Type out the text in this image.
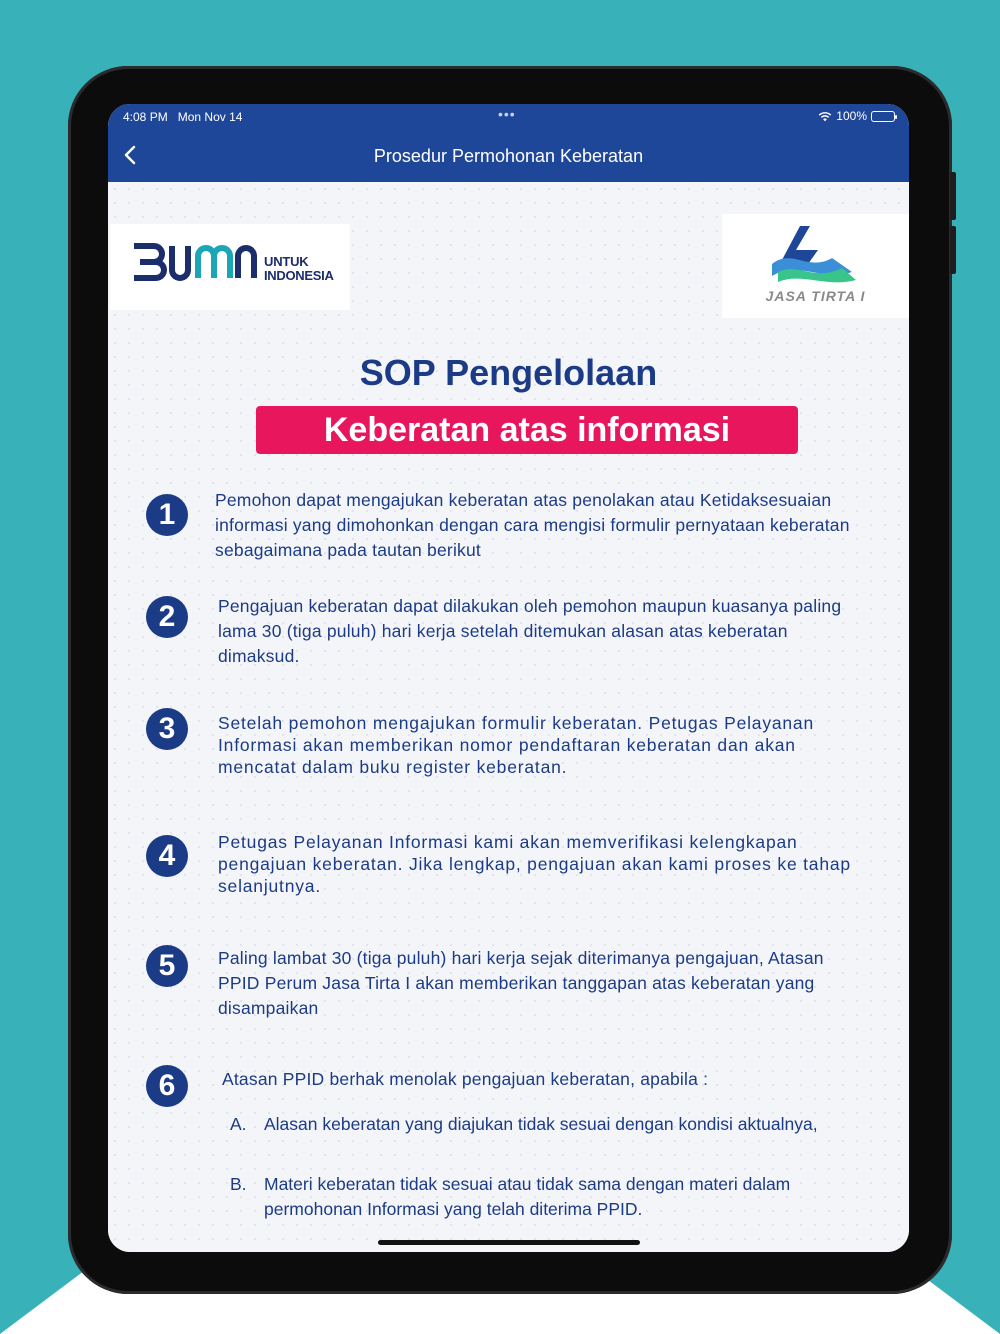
4:08 PM Mon Nov 14	•••	100%
Prosedur Permohonan Keberatan
UNTUK
INDONESIA
JASA TIRTA I
SOP Pengelolaan
Keberatan atas informasi
1	Pemohon dapat mengajukan keberatan atas penolakan atau Ketidaksesuaian informasi yang dimohonkan dengan cara mengisi formulir pernyataan keberatan sebagaimana pada tautan berikut
2	Pengajuan keberatan dapat dilakukan oleh pemohon maupun kuasanya paling lama 30 (tiga puluh) hari kerja setelah ditemukan alasan atas keberatan dimaksud.
3	Setelah pemohon mengajukan formulir keberatan. Petugas Pelayanan Informasi akan memberikan nomor pendaftaran keberatan dan akan mencatat dalam buku register keberatan.
4	Petugas Pelayanan Informasi kami akan memverifikasi kelengkapan pengajuan keberatan. Jika lengkap, pengajuan akan kami proses ke tahap selanjutnya.
5	Paling lambat 30 (tiga puluh) hari kerja sejak diterimanya pengajuan, Atasan PPID Perum Jasa Tirta I akan memberikan tanggapan atas keberatan yang disampaikan
6	Atasan PPID berhak menolak pengajuan keberatan, apabila :
A. Alasan keberatan yang diajukan tidak sesuai dengan kondisi aktualnya,
B. Materi keberatan tidak sesuai atau tidak sama dengan materi dalam permohonan Informasi yang telah diterima PPID.
